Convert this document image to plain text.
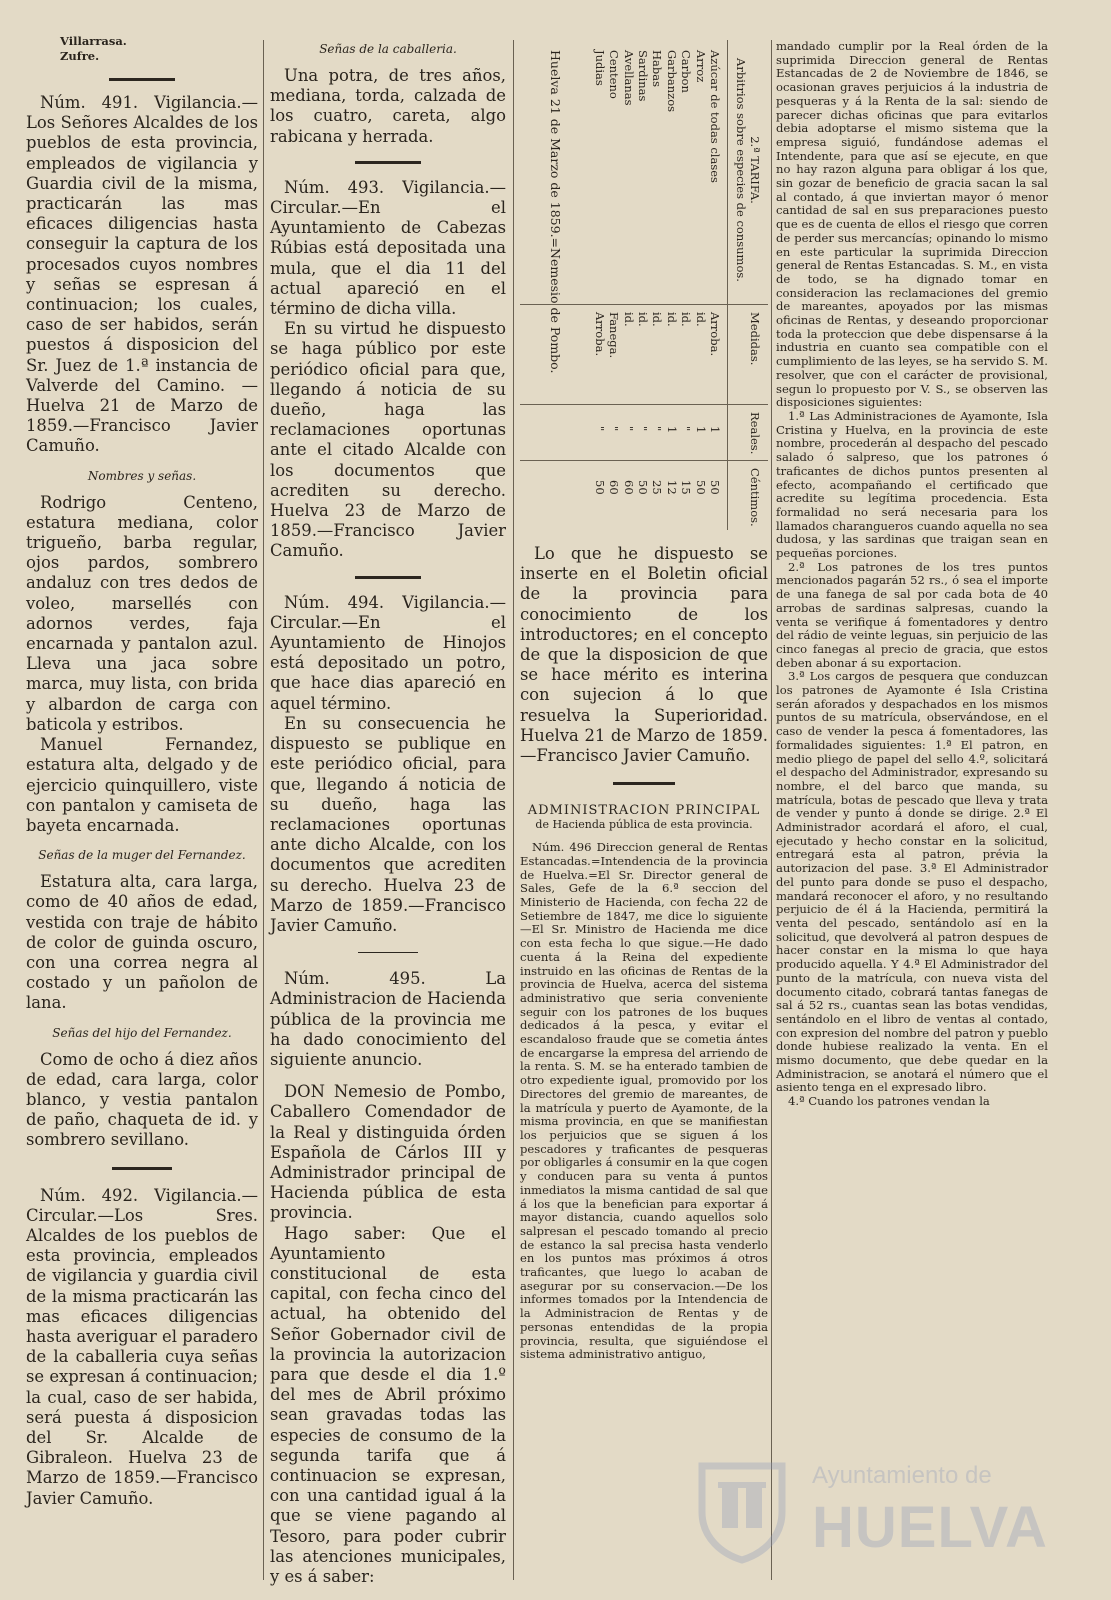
Villarrasa.
Zufre.

Núm. 491. Vigilancia.—Los Señores Alcaldes de los pueblos de esta provincia, empleados de vigilancia y Guardia civil de la misma, practicarán las mas eficaces diligencias hasta conseguir la captura de los procesados cuyos nombres y señas se espresan á continuacion; los cuales, caso de ser habidos, serán puestos á disposicion del Sr. Juez de 1.ª instancia de Valverde del Camino. —Huelva 21 de Marzo de 1859.—Francisco Javier Camuño.

Nombres y señas.

Rodrigo Centeno, estatura mediana, color trigueño, barba regular, ojos pardos, sombrero andaluz con tres dedos de voleo, marsellés con adornos verdes, faja encarnada y pantalon azul. Lleva una jaca sobre marca, muy lista, con brida y albardon de carga con baticola y estribos.

Manuel Fernandez, estatura alta, delgado y de ejercicio quinquillero, viste con pantalon y camiseta de bayeta encarnada.

Señas de la muger del Fernandez.

Estatura alta, cara larga, como de 40 años de edad, vestida con traje de hábito de color de guinda oscuro, con una correa negra al costado y un pañolon de lana.

Señas del hijo del Fernandez.

Como de ocho á diez años de edad, cara larga, color blanco, y vestia pantalon de paño, chaqueta de id. y sombrero sevillano.

Núm. 492. Vigilancia.—Circular.—Los Sres. Alcaldes de los pueblos de esta provincia, empleados de vigilancia y guardia civil de la misma practicarán las mas eficaces diligencias hasta averiguar el paradero de la caballeria cuya señas se expresan á continuacion; la cual, caso de ser habida, será puesta á disposicion del Sr. Alcalde de Gibraleon. Huelva 23 de Marzo de 1859.—Francisco Javier Camuño.

Señas de la caballeria.

Una potra, de tres años, mediana, torda, calzada de los cuatro, careta, algo rabicana y herrada.

Núm. 493. Vigilancia.—Circular.—En el Ayuntamiento de Cabezas Rúbias está depositada una mula, que el dia 11 del actual apareció en el término de dicha villa.

En su virtud he dispuesto se haga público por este periódico oficial para que, llegando á noticia de su dueño, haga las reclamaciones oportunas ante el citado Alcalde con los documentos que acrediten su derecho. Huelva 23 de Marzo de 1859.—Francisco Javier Camuño.

Núm. 494. Vigilancia.—Circular.—En el Ayuntamiento de Hinojos está depositado un potro, que hace dias apareció en aquel término.

En su consecuencia he dispuesto se publique en este periódico oficial, para que, llegando á noticia de su dueño, haga las reclamaciones oportunas ante dicho Alcalde, con los documentos que acrediten su derecho. Huelva 23 de Marzo de 1859.—Francisco Javier Camuño.

Núm. 495. La Administracion de Hacienda pública de la provincia me ha dado conocimiento del siguiente anuncio.

DON Nemesio de Pombo, Caballero Comendador de la Real y distinguida órden Española de Cárlos III y Administrador principal de Hacienda pública de esta provincia.

Hago saber: Que el Ayuntamiento constitucional de esta capital, con fecha cinco del actual, ha obtenido del Señor Gobernador civil de la provincia la autorizacion para que desde el dia 1.º del mes de Abril próximo sean gravadas todas las especies de consumo de la segunda tarifa que á continuacion se expresan, con una cantidad igual á la que se viene pagando al Tesoro, para poder cubrir las atenciones municipales, y es á saber:

2.ª TARIFA.
Arbitrios sobre especies de consumos.
Medidas.
Reales.
Céntimos.
Azúcar de todas clases
Arroz
Carbon
Garbanzos
Habas
Sardinas
Avellanas
Centeno
Judias
Arroba.
id.
id.
id.
id.
id.
id.
Fanega.
Arroba.
1
1
"
1
"
"
"
"
"
50
50
15
12
25
50
60
60
50
Huelva 21 de Marzo de 1859.=Nemesio de Pombo.

Lo que he dispuesto se inserte en el Boletin oficial de la provincia para conocimiento de los introductores; en el concepto de que la disposicion de que se hace mérito es interina con sujecion á lo que resuelva la Superioridad. Huelva 21 de Marzo de 1859. —Francisco Javier Camuño.

ADMINISTRACION PRINCIPAL
de Hacienda pública de esta provincia.

Núm. 496 Direccion general de Rentas Estancadas.=Intendencia de la provincia de Huelva.=El Sr. Director general de Sales, Gefe de la 6.ª seccion del Ministerio de Hacienda, con fecha 22 de Setiembre de 1847, me dice lo siguiente —El Sr. Ministro de Hacienda me dice con esta fecha lo que sigue.—He dado cuenta á la Reina del expediente instruido en las oficinas de Rentas de la provincia de Huelva, acerca del sistema administrativo que seria conveniente seguir con los patrones de los buques dedicados á la pesca, y evitar el escandaloso fraude que se cometia ántes de encargarse la empresa del arriendo de la renta. S. M. se ha enterado tambien de otro expediente igual, promovido por los Directores del gremio de mareantes, de la matrícula y puerto de Ayamonte, de la misma provincia, en que se manifiestan los perjuicios que se siguen á los pescadores y traficantes de pesqueras por obligarles á consumir en la que cogen y conducen para su venta á puntos inmediatos la misma cantidad de sal que á los que la benefician para exportar á mayor distancia, cuando aquellos solo salpresan el pescado tomando al precio de estanco la sal precisa hasta venderlo en los puntos mas próximos á otros traficantes, que luego lo acaban de asegurar por su conservacion.—De los informes tomados por la Intendencia de la Administracion de Rentas y de personas entendidas de la propia provincia, resulta, que siguiéndose el sistema administrativo antiguo,

mandado cumplir por la Real órden de la suprimida Direccion general de Rentas Estancadas de 2 de Noviembre de 1846, se ocasionan graves perjuicios á la industria de pesqueras y á la Renta de la sal: siendo de parecer dichas oficinas que para evitarlos debia adoptarse el mismo sistema que la empresa siguió, fundándose ademas el Intendente, para que así se ejecute, en que no hay razon alguna para obligar á los que, sin gozar de beneficio de gracia sacan la sal al contado, á que inviertan mayor ó menor cantidad de sal en sus preparaciones puesto que es de cuenta de ellos el riesgo que corren de perder sus mercancías; opinando lo mismo en este particular la suprimida Direccion general de Rentas Estancadas. S. M., en vista de todo, se ha dignado tomar en consideracion las reclamaciones del gremio de mareantes, apoyados por las mismas oficinas de Rentas, y deseando proporcionar toda la proteccion que debe dispensarse á la industria en cuanto sea compatible con el cumplimiento de las leyes, se ha servido S. M. resolver, que con el carácter de provisional, segun lo propuesto por V. S., se observen las disposiciones siguientes:

1.ª Las Administraciones de Ayamonte, Isla Cristina y Huelva, en la provincia de este nombre, procederán al despacho del pescado salado ó salpreso, que los patrones ó traficantes de dichos puntos presenten al efecto, acompañando el certificado que acredite su legítima procedencia. Esta formalidad no será necesaria para los llamados charangueros cuando aquella no sea dudosa, y las sardinas que traigan sean en pequeñas porciones.

2.ª Los patrones de los tres puntos mencionados pagarán 52 rs., ó sea el importe de una fanega de sal por cada bota de 40 arrobas de sardinas salpresas, cuando la venta se verifique á fomentadores y dentro del rádio de veinte leguas, sin perjuicio de las cinco fanegas al precio de gracia, que estos deben abonar á su exportacion.

3.ª Los cargos de pesquera que conduzcan los patrones de Ayamonte é Isla Cristina serán aforados y despachados en los mismos puntos de su matrícula, observándose, en el caso de vender la pesca á fomentadores, las formalidades siguientes: 1.ª El patron, en medio pliego de papel del sello 4.º, solicitará el despacho del Administrador, expresando su nombre, el del barco que manda, su matrícula, botas de pescado que lleva y trata de vender y punto á donde se dirige. 2.ª El Administrador acordará el aforo, el cual, ejecutado y hecho constar en la solicitud, entregará esta al patron, prévia la autorizacion del pase. 3.ª El Administrador del punto para donde se puso el despacho, mandará reconocer el aforo, y no resultando perjuicio de él á la Hacienda, permitirá la venta del pescado, sentándolo así en la solicitud, que devolverá al patron despues de hacer constar en la misma lo que haya producido aquella. Y 4.ª El Administrador del punto de la matrícula, con nueva vista del documento citado, cobrará tantas fanegas de sal á 52 rs., cuantas sean las botas vendidas, sentándolo en el libro de ventas al contado, con expresion del nombre del patron y pueblo donde hubiese realizado la venta. En el mismo documento, que debe quedar en la Administracion, se anotará el número que el asiento tenga en el expresado libro.

4.ª Cuando los patrones vendan la

Ayuntamiento de
HUELVA
